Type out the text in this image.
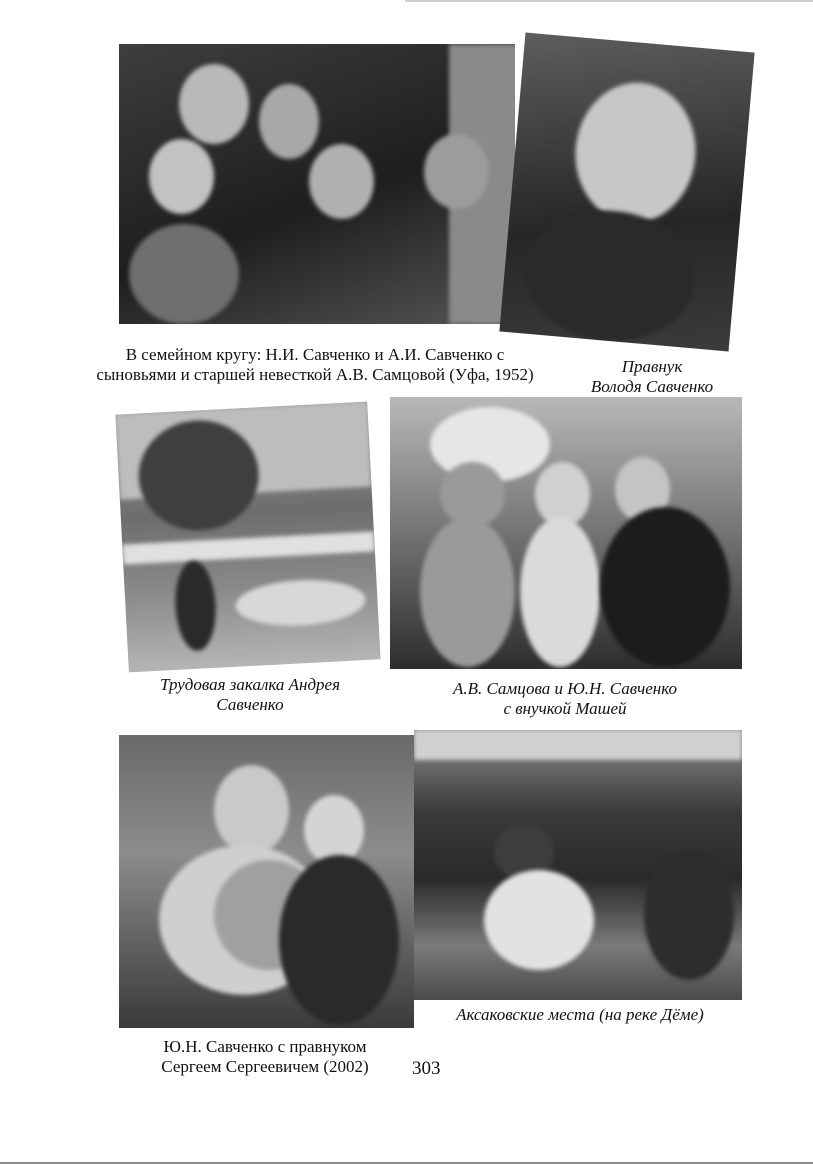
В семейном кругу: Н.И. Савченко и А.И. Савченко с
сыновьями и старшей невесткой А.В. Самцовой (Уфа, 1952)	Правнук
Володя Савченко
Трудовая закалка Андрея
Савченко
А.В. Самцова и Ю.Н. Савченко
с внучкой Машей
Аксаковские места (на реке Дёме)
Ю.Н. Савченко с правнуком
Сергеем Сергеевичем (2002)	303
